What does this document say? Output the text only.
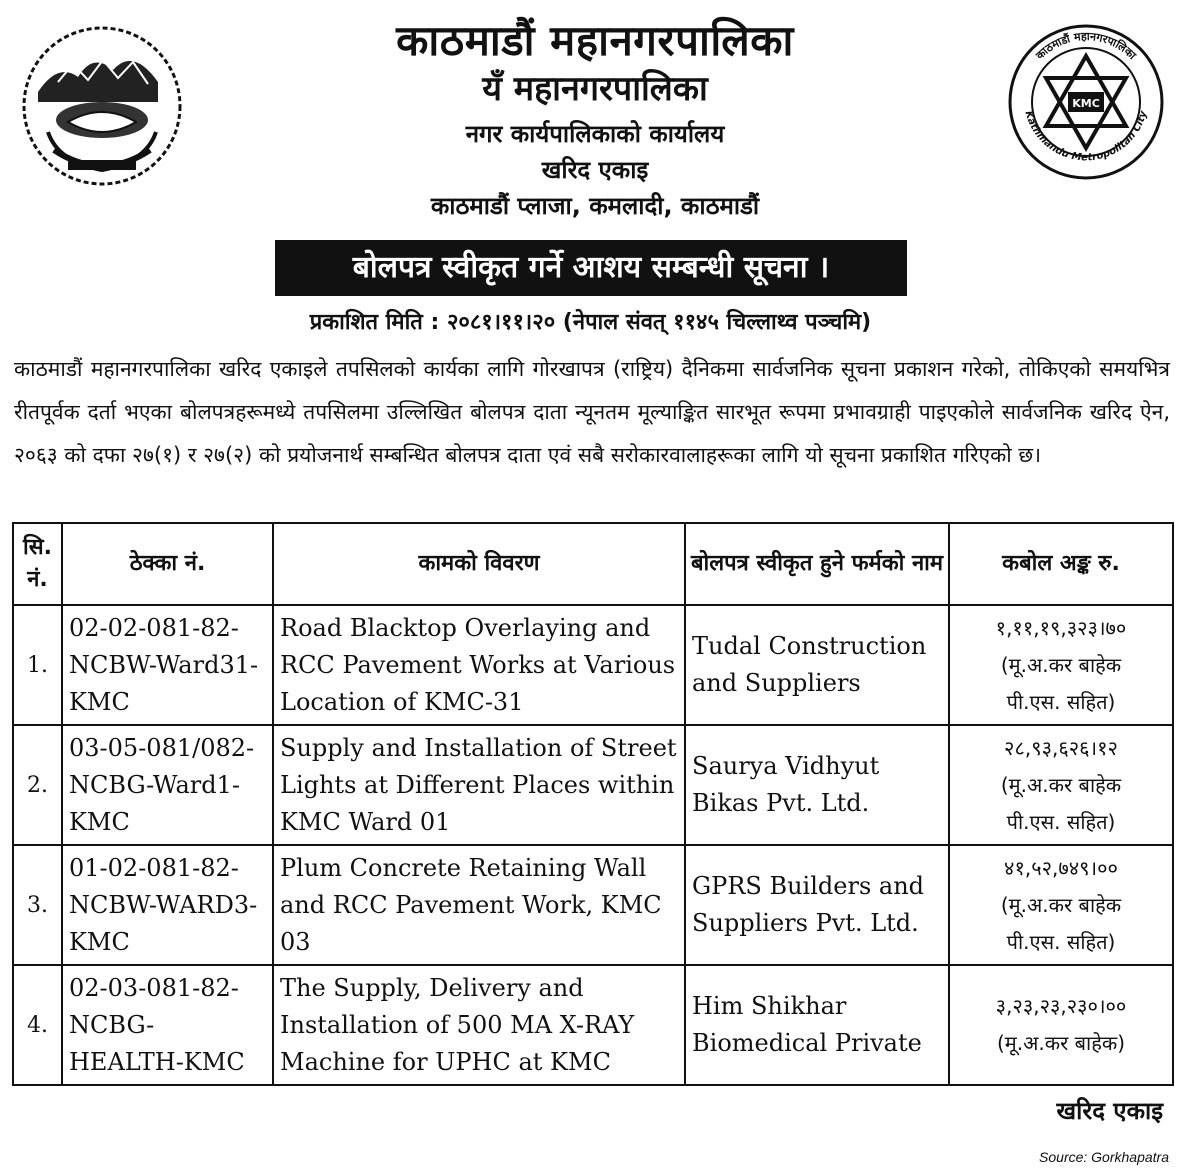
काठमाडौं महानगरपालिका
यँ महानगरपालिका
नगर कार्यपालिकाको कार्यालय
खरिद एकाइ
काठमाडौं प्लाजा, कमलादी, काठमाडौं
काठमाडौं महानगरपालिका
Kathmandu Metropolitan City
KMC
बोलपत्र स्वीकृत गर्ने आशय सम्बन्धी सूचना ।
प्रकाशित मिति : २०८१।११।२० (नेपाल संवत् ११४५ चिल्लाथ्व पञ्चमि)

काठमाडौं महानगरपालिका खरिद एकाइले तपसिलको कार्यका लागि गोरखापत्र (राष्ट्रिय) दैनिकमा सार्वजनिक सूचना प्रकाशन गरेको, तोकिएको समयभित्र रीतपूर्वक दर्ता भएका बोलपत्रहरूमध्ये तपसिलमा उल्लिखित बोलपत्र दाता न्यूनतम मूल्याङ्कित सारभूत रूपमा प्रभावग्राही पाइएकोले सार्वजनिक खरिद ऐन, २०६३ को दफा २७(१) र २७(२) को प्रयोजनार्थ सम्बन्धित बोलपत्र दाता एवं सबै सरोकारवालाहरूका लागि यो सूचना प्रकाशित गरिएको छ।

सि. नं.	ठेक्का नं.	कामको विवरण	बोलपत्र स्वीकृत हुने फर्मको नाम	कबोल अङ्क रु.
1.	02-02-081-82-NCBW-Ward31-KMC	Road Blacktop Overlaying and RCC Pavement Works at Various Location of KMC-31	Tudal Construction and Suppliers	१,११,१९,३२३।७०
(मू.अ.कर बाहेक
पी.एस. सहित)

2.	03-05-081/082-NCBG-Ward1-KMC	Supply and Installation of Street Lights at Different Places within KMC Ward 01	Saurya Vidhyut Bikas Pvt. Ltd.	२८,९३,६२६।१२
(मू.अ.कर बाहेक
पी.एस. सहित)

3.	01-02-081-82-NCBW-WARD3-KMC	Plum Concrete Retaining Wall and RCC Pavement Work, KMC 03	GPRS Builders and Suppliers Pvt. Ltd.	४१,५२,७४९।००
(मू.अ.कर बाहेक
पी.एस. सहित)

4.	02-03-081-82-NCBG-HEALTH-KMC	The Supply, Delivery and Installation of 500 MA X-RAY Machine for UPHC at KMC	Him Shikhar Biomedical Private	३,२३,२३,२३०।००
(मू.अ.कर बाहेक)
खरिद एकाइ
Source: Gorkhapatra
